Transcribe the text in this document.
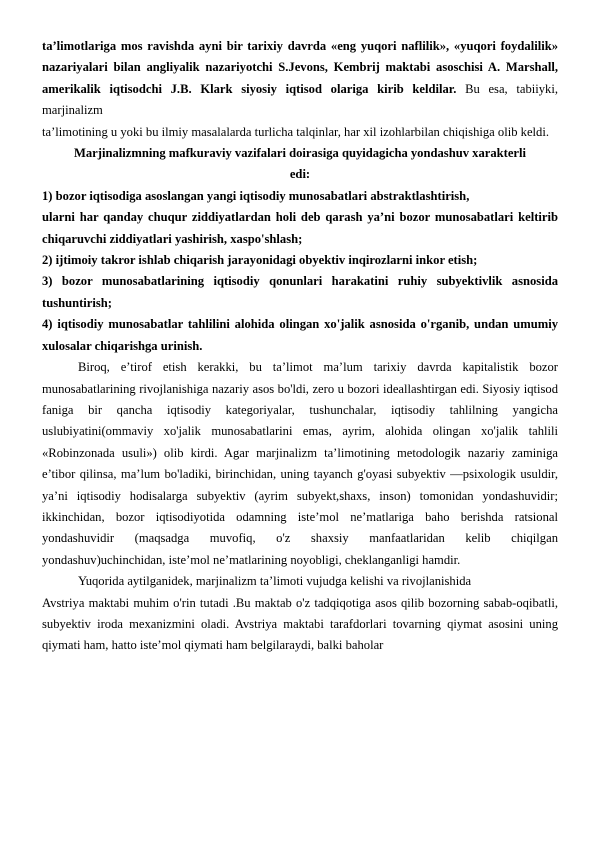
ta’limotlariga mos ravishda ayni bir tarixiy davrda «eng yuqori naflilik», «yuqori foydalilik» nazariyalari bilan angliyalik nazariyotchi S.Jevons, Kembrij maktabi asoschisi A. Marshall, amerikalik iqtisodchi J.B. Klark siyosiy iqtisod olariga kirib keldilar. Bu esa, tabiiyki, marjinalizm

ta’limotining u yoki bu ilmiy masalalarda turlicha talqinlar, har xil izohlarbilan chiqishiga olib keldi.

Marjinalizmning mafkuraviy vazifalari doirasiga quyidagicha yondashuv xarakterli

edi:

1) bozor iqtisodiga asoslangan yangi iqtisodiy munosabatlari abstraktlashtirish,

ularni har qanday chuqur ziddiyatlardan holi deb qarash ya’ni bozor munosabatlari keltirib chiqaruvchi ziddiyatlari yashirish, xaspo'shlash;

2) ijtimoiy takror ishlab chiqarish jarayonidagi obyektiv inqirozlarni inkor etish;

3) bozor munosabatlarining iqtisodiy qonunlari harakatini ruhiy subyektivlik asnosida tushuntirish;

4) iqtisodiy munosabatlar tahlilini alohida olingan xo'jalik asnosida o'rganib, undan umumiy xulosalar chiqarishga urinish.

Biroq, e’tirof etish kerakki, bu ta’limot ma’lum tarixiy davrda kapitalistik bozor munosabatlarining rivojlanishiga nazariy asos bo'ldi, zero u bozori ideallashtirgan edi. Siyosiy iqtisod faniga bir qancha iqtisodiy kategoriyalar, tushunchalar, iqtisodiy tahlilning yangicha uslubiyatini(ommaviy xo'jalik munosabatlarini emas, ayrim, alohida olingan xo'jalik tahlili «Robinzonada usuli») olib kirdi. Agar marjinalizm ta’limotining metodologik nazariy zaminiga e’tibor qilinsa, ma’lum bo'ladiki, birinchidan, uning tayanch g'oyasi subyektiv —psixologik usuldir, ya’ni iqtisodiy hodisalarga subyektiv (ayrim subyekt,shaxs, inson) tomonidan yondashuvidir; ikkinchidan, bozor iqtisodiyotida odamning iste’mol ne’matlariga baho berishda ratsional yondashuvidir (maqsadga muvofiq, o'z shaxsiy manfaatlaridan kelib chiqilgan yondashuv)uchinchidan, iste’mol ne’matlarining noyobligi, cheklanganligi hamdir.

Yuqorida aytilganidek, marjinalizm ta’limoti vujudga kelishi va rivojlanishida

Avstriya maktabi muhim o'rin tutadi .Bu maktab o'z tadqiqotiga asos qilib bozorning sabab-oqibatli, subyektiv iroda mexanizmini oladi. Avstriya maktabi tarafdorlari tovarning qiymat asosini uning qiymati ham, hatto iste’mol qiymati ham belgilaraydi, balki baholar
